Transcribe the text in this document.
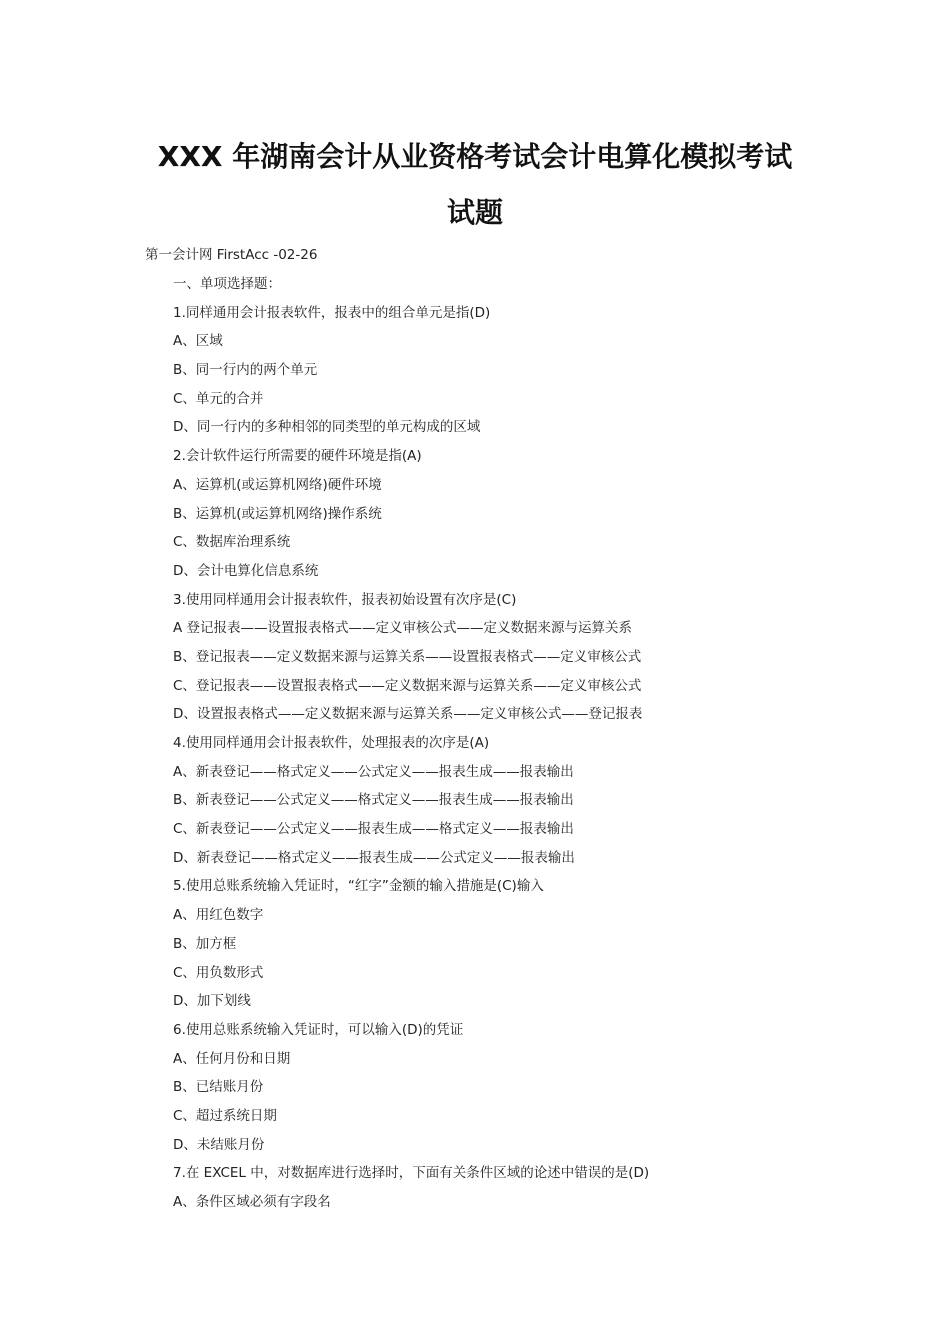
XXX 年湖南会计从业资格考试会计电算化模拟考试
试题
第一会计网 FirstAcc -02-26
一、单项选择题：
1.同样通用会计报表软件，报表中的组合单元是指(D)
A、区域
B、同一行内的两个单元
C、单元的合并
D、同一行内的多种相邻的同类型的单元构成的区域
2.会计软件运行所需要的硬件环境是指(A)
A、运算机(或运算机网络)硬件环境
B、运算机(或运算机网络)操作系统
C、数据库治理系统
D、会计电算化信息系统
3.使用同样通用会计报表软件，报表初始设置有次序是(C)
A 登记报表——设置报表格式——定义审核公式——定义数据来源与运算关系
B、登记报表——定义数据来源与运算关系——设置报表格式——定义审核公式
C、登记报表——设置报表格式——定义数据来源与运算关系——定义审核公式
D、设置报表格式——定义数据来源与运算关系——定义审核公式——登记报表
4.使用同样通用会计报表软件，处理报表的次序是(A)
A、新表登记——格式定义——公式定义——报表生成——报表输出
B、新表登记——公式定义——格式定义——报表生成——报表输出
C、新表登记——公式定义——报表生成——格式定义——报表输出
D、新表登记——格式定义——报表生成——公式定义——报表输出
5.使用总账系统输入凭证时，“红字”金额的输入措施是(C)输入
A、用红色数字
B、加方框
C、用负数形式
D、加下划线
6.使用总账系统输入凭证时，可以输入(D)的凭证
A、任何月份和日期
B、已结账月份
C、超过系统日期
D、未结账月份
7.在 EXCEL 中，对数据库进行选择时，下面有关条件区域的论述中错误的是(D)
A、条件区域必须有字段名
